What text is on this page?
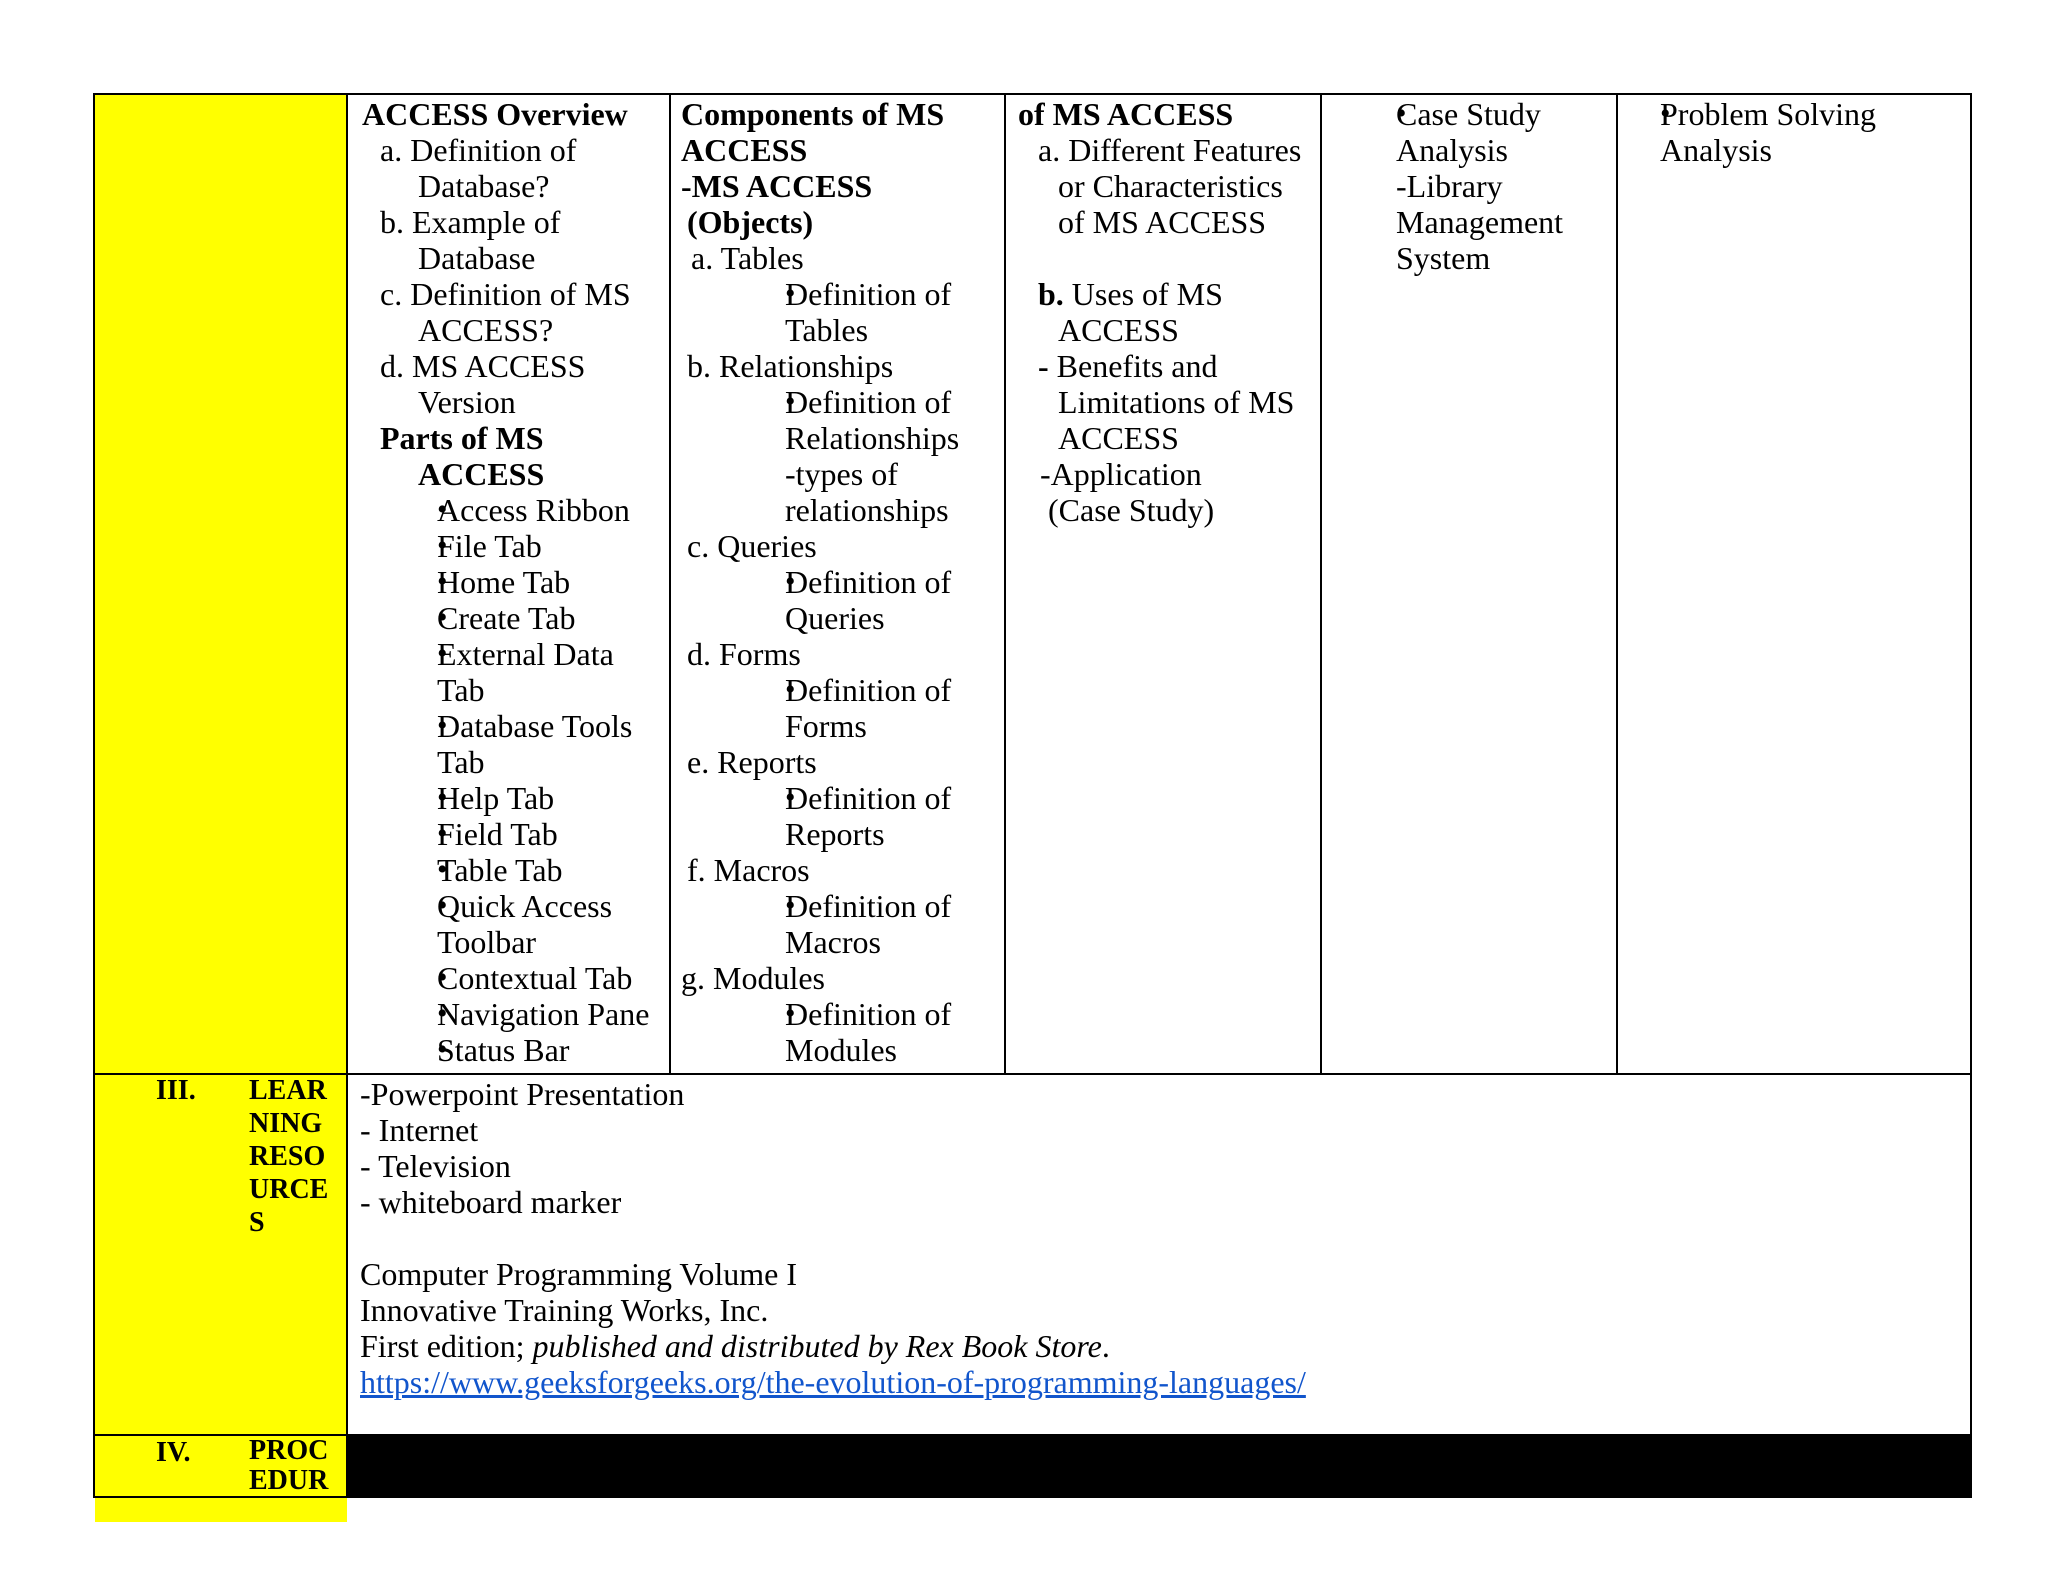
ACCESS Overview

a. Definition of

Database?

b. Example of

Database

c. Definition of MS

ACCESS?

d. MS ACCESS

Version

Parts of MS

ACCESS

• Access Ribbon

• File Tab

• Home Tab

• Create Tab

• External Data

Tab

• Database Tools

Tab

• Help Tab

• Field Tab

• Table Tab

• Quick Access

Toolbar

• Contextual Tab

• Navigation Pane

• Status Bar

Components of MS

ACCESS

-MS ACCESS

(Objects)

a. Tables

• Definition of

Tables

b. Relationships

• Definition of

Relationships

-types of

relationships

c. Queries

• Definition of

Queries

d. Forms

• Definition of

Forms

e. Reports

• Definition of

Reports

f. Macros

• Definition of

Macros

g. Modules

• Definition of

Modules

of MS ACCESS

a. Different Features

or Characteristics

of MS ACCESS

b. Uses of MS

ACCESS

- Benefits and

Limitations of MS

ACCESS

-Application

(Case Study)

• Case Study

Analysis

-Library

Management

System

• Problem Solving

Analysis

III. LEAR
NING
RESO
URCE
S

-Powerpoint Presentation

- Internet

- Television

- whiteboard marker

Computer Programming Volume I

Innovative Training Works, Inc.

First edition; published and distributed by Rex Book Store.

https://www.geeksforgeeks.org/the-evolution-of-programming-languages/

IV. PROC
EDUR
